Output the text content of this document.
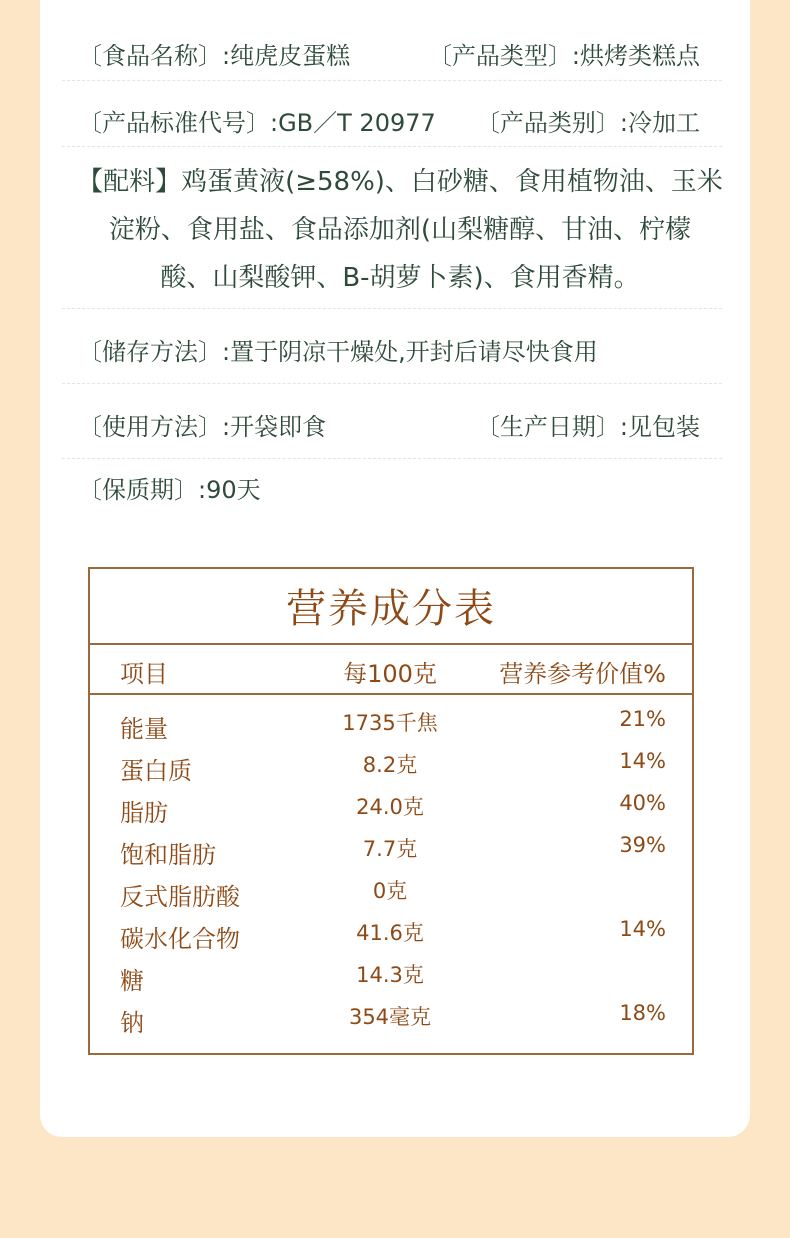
〔食品名称〕:纯虎皮蛋糕	〔产品类型〕:烘烤类糕点
〔产品标准代号〕:GB／T 20977 〔产品类别〕:冷加工
【配料】鸡蛋黄液(≥58%)、白砂糖、食用植物油、玉米
淀粉、食用盐、食品添加剂(山梨糖醇、甘油、柠檬
酸、山梨酸钾、B-胡萝卜素)、食用香精。
〔储存方法〕:置于阴凉干燥处,开封后请尽快食用
〔使用方法〕:开袋即食	〔生产日期〕:见包装
〔保质期〕:90天
营养成分表
项目	每100克	营养参考价值%
能量	1735千焦	21%
蛋白质	8.2克	14%
脂肪	24.0克	40%
饱和脂肪	7.7克	39%
反式脂肪酸	0克
碳水化合物	41.6克	14%
糖	14.3克
钠	354毫克	18%
